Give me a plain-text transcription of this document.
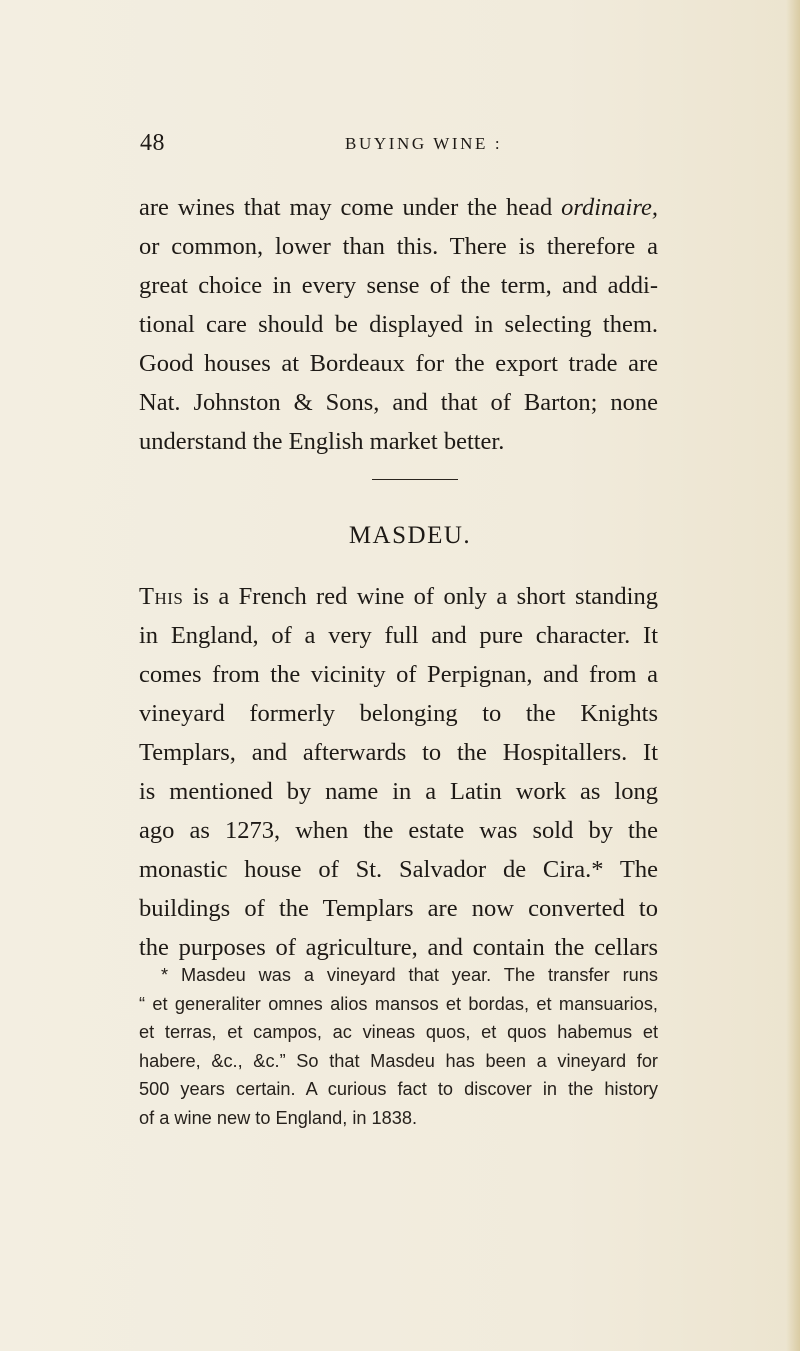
48	BUYING WINE :
are wines that may come under the head ordinaire,
or common, lower than this. There is therefore a
great choice in every sense of the term, and addi-
tional care should be displayed in selecting them.
Good houses at Bordeaux for the export trade are
Nat. Johnston & Sons, and that of Barton; none
understand the English market better.
MASDEU.
This is a French red wine of only a short standing
in England, of a very full and pure character. It
comes from the vicinity of Perpignan, and from a
vineyard formerly belonging to the Knights
Templars, and afterwards to the Hospitallers. It
is mentioned by name in a Latin work as long
ago as 1273, when the estate was sold by the
monastic house of St. Salvador de Cira.* The
buildings of the Templars are now converted to
the purposes of agriculture, and contain the cellars
* Masdeu was a vineyard that year. The transfer runs
“ et generaliter omnes alios mansos et bordas, et mansuarios,
et terras, et campos, ac vineas quos, et quos habemus et
habere, &c., &c.” So that Masdeu has been a vineyard for
500 years certain. A curious fact to discover in the history
of a wine new to England, in 1838.
